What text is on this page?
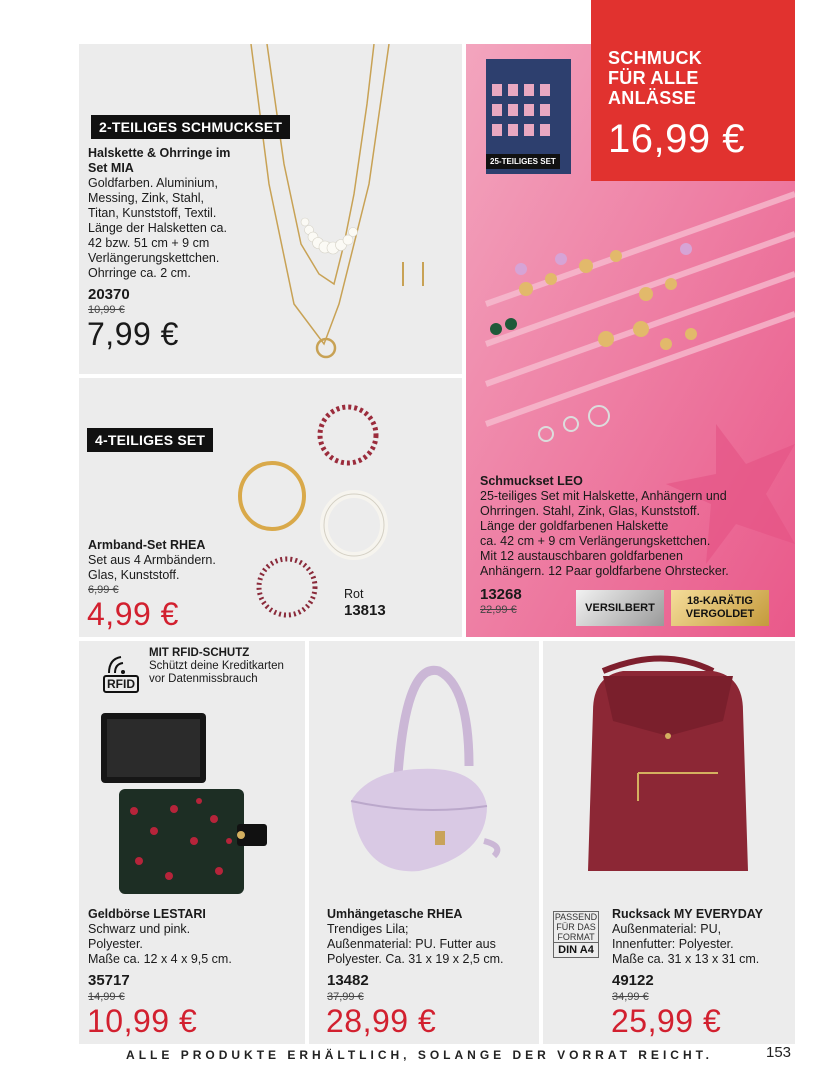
2-TEILIGES SCHMUCKSET
Halskette & Ohrringe im
Set MIA
Goldfarben. Aluminium,
Messing, Zink, Stahl,
Titan, Kunststoff, Textil.
Länge der Halsketten ca.
42 bzw. 51 cm + 9 cm
Verlängerungskettchen.
Ohrringe ca. 2 cm.
20370
10,99 €
7,99 €
4-TEILIGES SET
Armband-Set RHEA
Set aus 4 Armbändern.
Glas, Kunststoff.
6,99 €
4,99 €
Rot
13813
25-TEILIGES SET
Schmuckset LEO
25-teiliges Set mit Halskette, Anhängern und
Ohrringen. Stahl, Zink, Glas, Kunststoff.
Länge der goldfarbenen Halskette
ca. 42 cm + 9 cm Verlängerungskettchen.
Mit 12 austauschbaren goldfarbenen
Anhängern. 12 Paar goldfarbene Ohrstecker.
13268
22,99 €	VERSILBERT
18-KARÄTIG
VERGOLDET
SCHMUCK
FÜR ALLE
ANLÄSSE
16,99 €
RFID
MIT RFID-SCHUTZ
Schützt deine Kreditkarten
vor Datenmissbrauch
Geldbörse LESTARI
Schwarz und pink.
Polyester.
Maße ca. 12 x 4 x 9,5 cm.
35717
14,99 €
10,99 €
Umhängetasche RHEA
Trendiges Lila;
Außenmaterial: PU. Futter aus
Polyester. Ca. 31 x 19 x 2,5 cm.
13482
37,99 €
28,99 €
PASSEND
FÜR DAS
FORMAT
DIN A4
Rucksack MY EVERYDAY
Außenmaterial: PU,
Innenfutter: Polyester.
Maße ca. 31 x 13 x 31 cm.
49122
34,99 €
25,99 €
ALLE PRODUKTE ERHÄLTLICH, SOLANGE DER VORRAT REICHT.	153
